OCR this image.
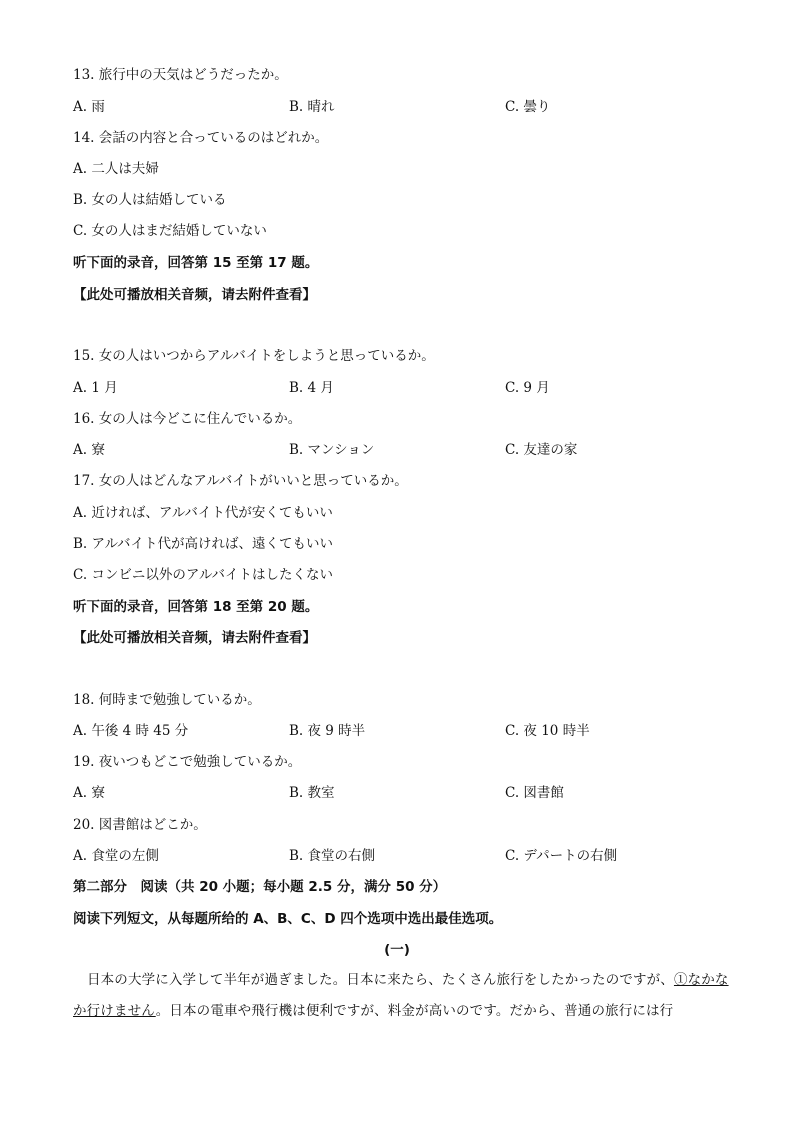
13. 旅行中の天気はどうだったか。
A. 雨	B. 晴れ	C. 曇り
14. 会話の内容と合っているのはどれか。
A. 二人は夫婦
B. 女の人は結婚している
C. 女の人はまだ結婚していない
听下面的录音，回答第 15 至第 17 题。
【此处可播放相关音频，请去附件查看】
15. 女の人はいつからアルバイトをしようと思っているか。
A. 1 月	B. 4 月	C. 9 月
16. 女の人は今どこに住んでいるか。
A. 寮	B. マンション	C. 友達の家
17. 女の人はどんなアルバイトがいいと思っているか。
A. 近ければ、アルバイト代が安くてもいい
B. アルバイト代が高ければ、遠くてもいい
C. コンビニ以外のアルバイトはしたくない
听下面的录音，回答第 18 至第 20 题。
【此处可播放相关音频，请去附件查看】
18. 何時まで勉強しているか。
A. 午後 4 時 45 分	B. 夜 9 時半	C. 夜 10 時半
19. 夜いつもどこで勉強しているか。
A. 寮	B. 教室	C. 図書館
20. 図書館はどこか。
A. 食堂の左側	B. 食堂の右側	C. デパートの右側
第二部分　阅读（共 20 小题；每小题 2.5 分，满分 50 分）
阅读下列短文，从每题所给的 A、B、C、D 四个选项中选出最佳选项。
(一)
日本の大学に入学して半年が過ぎました。日本に来たら、たくさん旅行をしたかったのですが、①なかなか行けません。日本の電車や飛行機は便利ですが、料金が高いのです。だから、普通の旅行には行
